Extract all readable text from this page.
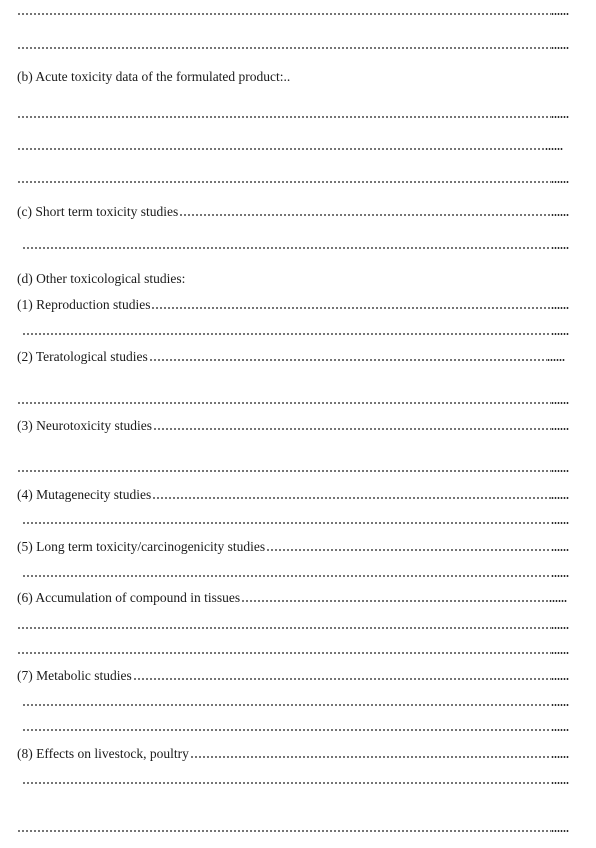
(b) Acute toxicity data of the formulated product:..
(c) Short term toxicity studies
(d) Other toxicological studies:
(1) Reproduction studies
(2) Teratological studies
(3) Neurotoxicity studies
(4) Mutagenecity studies
(5) Long term toxicity/carcinogenicity studies
(6) Accumulation of compound in tissues
(7) Metabolic studies
(8) Effects on livestock, poultry
